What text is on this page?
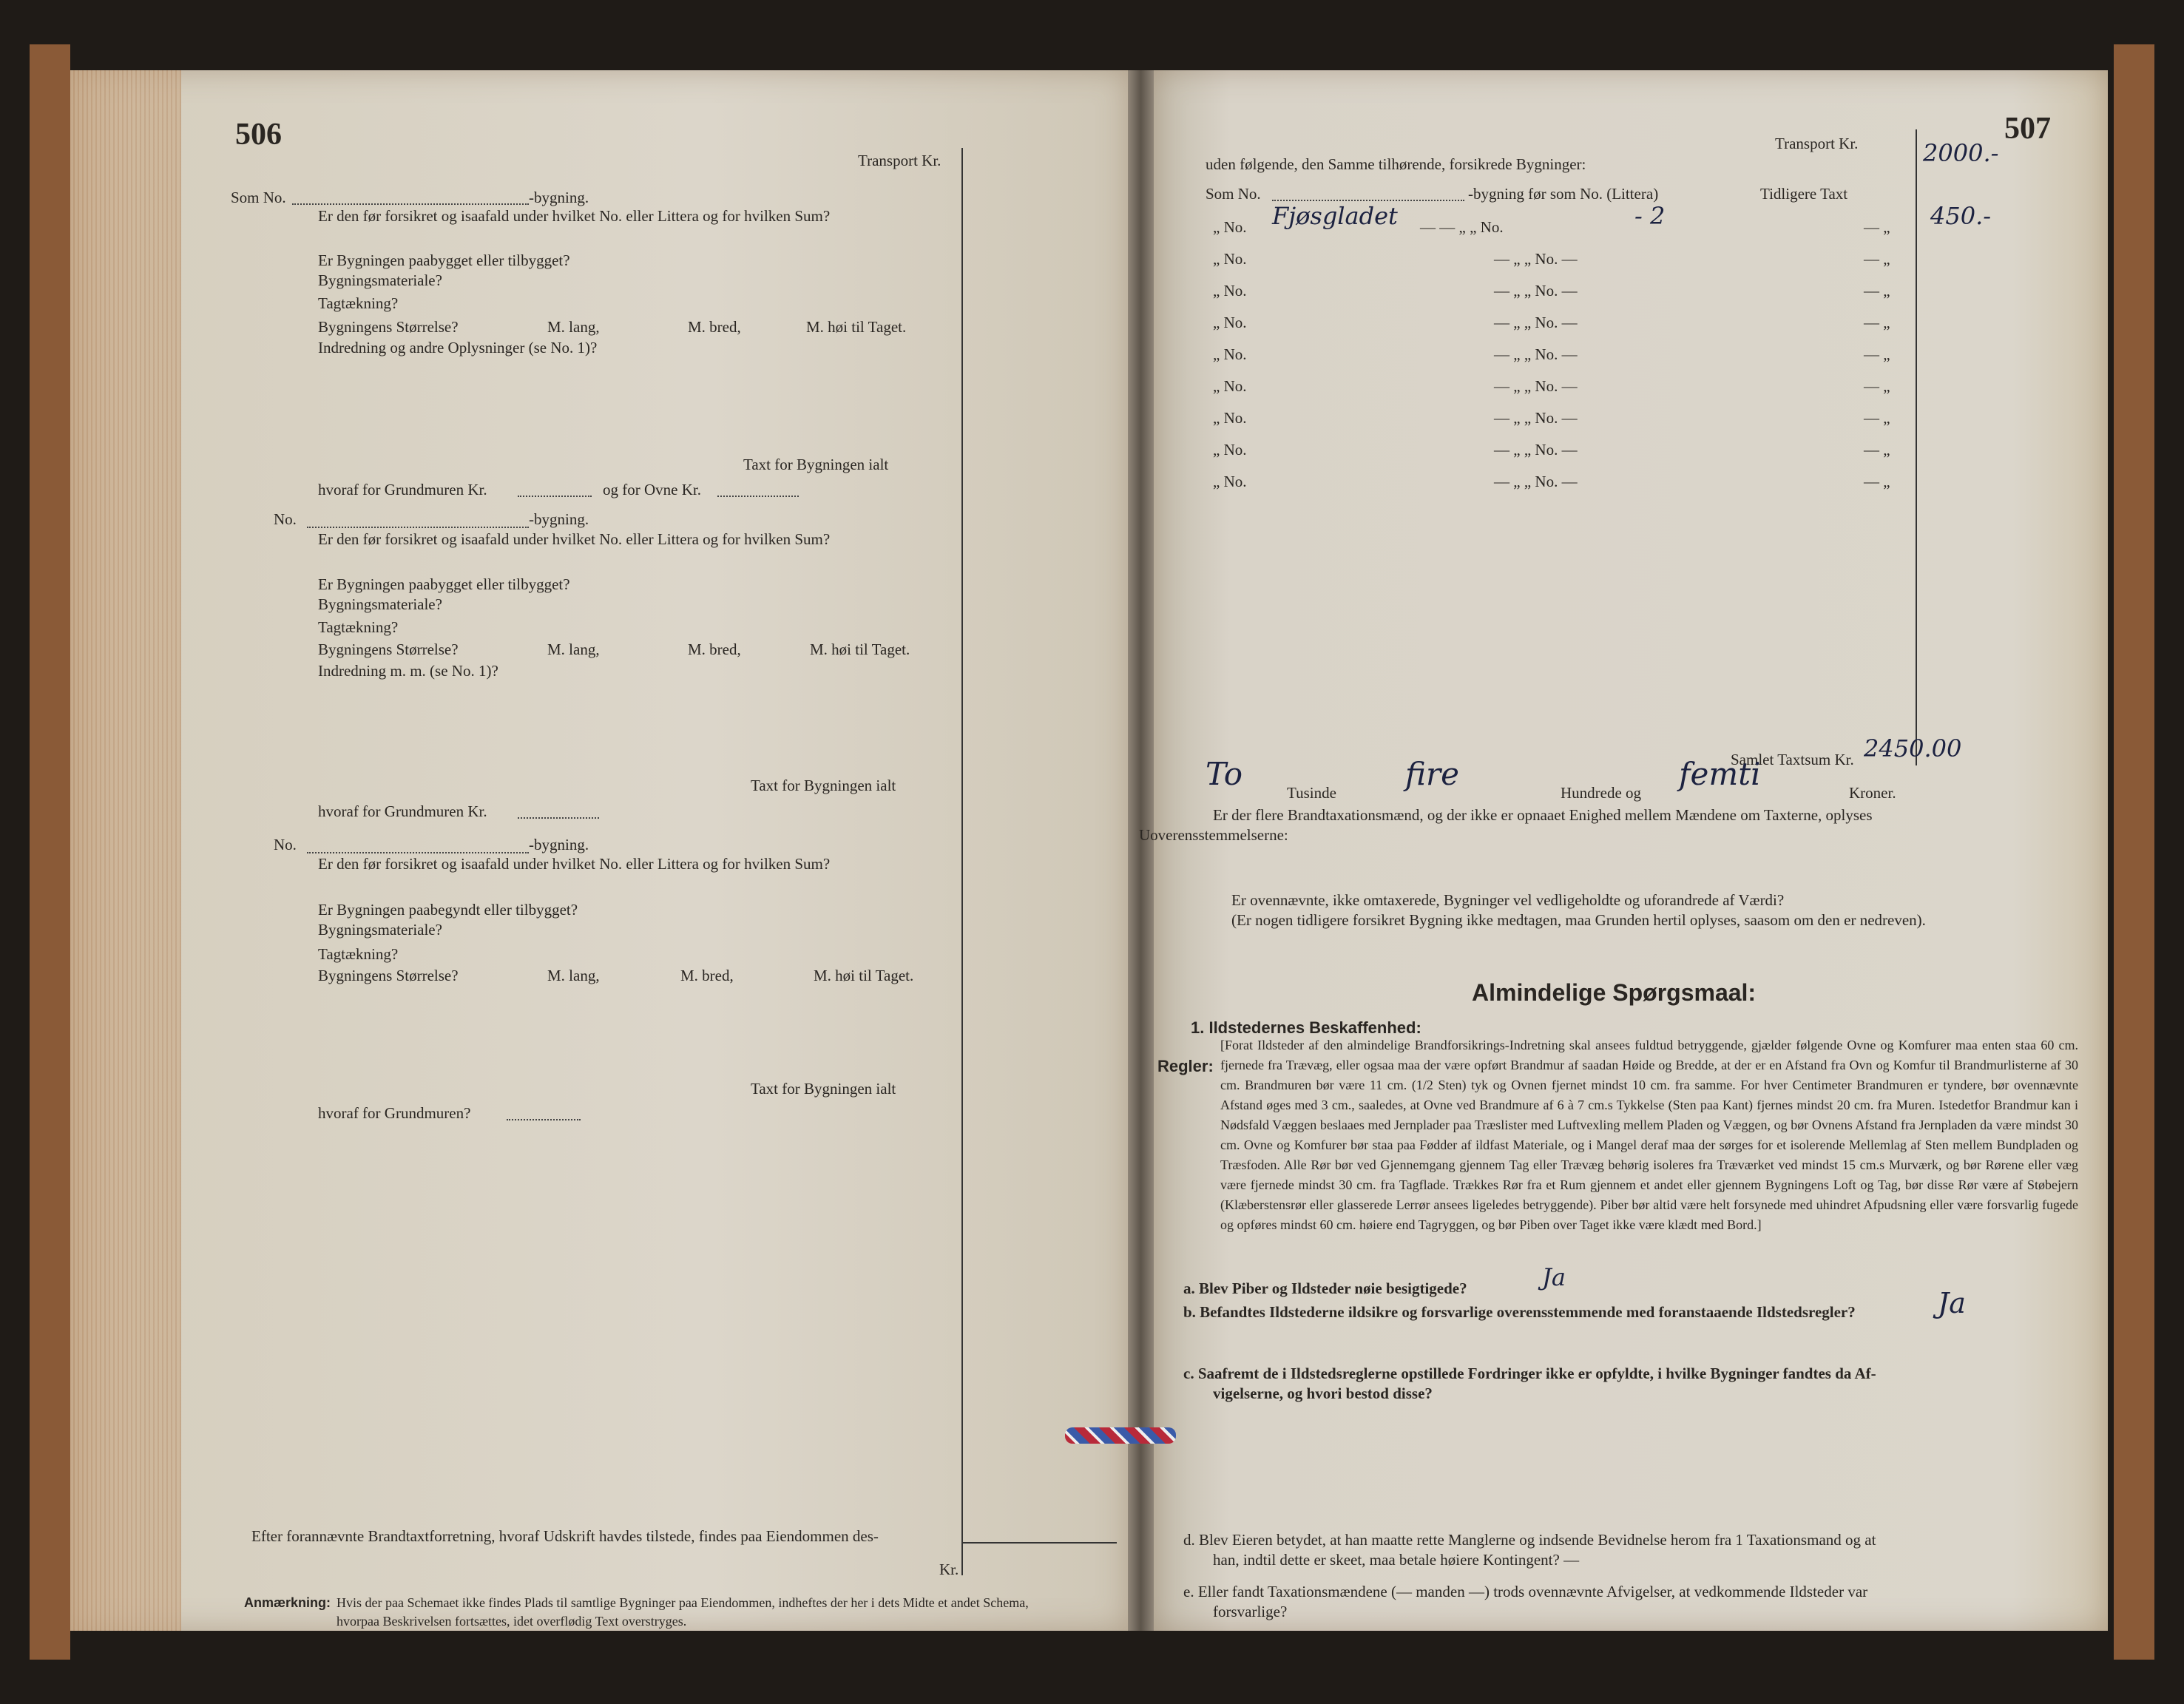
506
Transport Kr.
Som No.	-bygning.
Er den før forsikret og isaafald under hvilket No. eller Littera og for hvilken Sum?
Er Bygningen paabygget eller tilbygget?
Bygningsmateriale?
Tagtækning?
Bygningens Størrelse?	M. lang,	M. bred,	M. høi til Taget.
Indredning og andre Oplysninger (se No. 1)?
Taxt for Bygningen ialt
hvoraf for Grundmuren Kr.	og for Ovne Kr.
No.	-bygning.
Er den før forsikret og isaafald under hvilket No. eller Littera og for hvilken Sum?
Er Bygningen paabygget eller tilbygget?
Bygningsmateriale?
Tagtækning?
Bygningens Størrelse?	M. lang,	M. bred,	M. høi til Taget.
Indredning m. m. (se No. 1)?
Taxt for Bygningen ialt
hvoraf for Grundmuren Kr.
No.	-bygning.
Er den før forsikret og isaafald under hvilket No. eller Littera og for hvilken Sum?
Er Bygningen paabegyndt eller tilbygget?
Bygningsmateriale?
Tagtækning?
Bygningens Størrelse?	M. lang,	M. bred,	M. høi til Taget.
Taxt for Bygningen ialt
hvoraf for Grundmuren?
Efter forannævnte Brandtaxtforretning, hvoraf Udskrift havdes tilstede, findes paa Eiendommen des-
Kr.
Anmærkning: Hvis der paa Schemaet ikke findes Plads til samtlige Bygninger paa Eiendommen, indheftes der her i dets Midte et andet Schema,
hvorpaa Beskrivelsen fortsættes, idet overflødig Text overstryges.
507
Transport Kr.	2000.-
uden følgende, den Samme tilhørende, forsikrede Bygninger:
Som No.	-bygning før som No. (Littera)	Tidligere Taxt
„ No. Fjøsgladet — — „ „ No.	- 2	— „ 450.-
„ No.	— „ „ No. —	— „
„ No.	— „ „ No. —	— „
„ No.	— „ „ No. —	— „
„ No.	— „ „ No. —	— „
„ No.	— „ „ No. —	— „
„ No.	— „ „ No. —	— „
„ No.	— „ „ No. —	— „
„ No.	— „ „ No. —	— „
Samlet Taxtsum Kr. 2450.00
To
Tusinde
fire
Hundrede og
femti
Kroner.
Er der flere Brandtaxationsmænd, og der ikke er opnaaet Enighed mellem Mændene om Taxterne, oplyses
Uoverensstemmelserne:
Er ovennævnte, ikke omtaxerede, Bygninger vel vedligeholdte og uforandrede af Værdi?
(Er nogen tidligere forsikret Bygning ikke medtagen, maa Grunden hertil oplyses, saasom om den er nedreven).
Almindelige Spørgsmaal:
1. Ildstedernes Beskaffenhed:
Regler:
[Forat Ildsteder af den almindelige Brandforsikrings-Indretning skal ansees fuldtud betryggende, gjælder følgende Ovne og Komfurer maa enten staa 60 cm. fjernede fra Trævæg, eller ogsaa maa der være opført Brandmur af saadan Høide og Bredde, at der er en Afstand fra Ovn og Komfur til Brandmurlisterne af 30 cm. Brandmuren bør være 11 cm. (1/2 Sten) tyk og Ovnen fjernet mindst 10 cm. fra samme. For hver Centimeter Brandmuren er tyndere, bør ovennævnte Afstand øges med 3 cm., saaledes, at Ovne ved Brandmure af 6 à 7 cm.s Tykkelse (Sten paa Kant) fjernes mindst 20 cm. fra Muren. Istedetfor Brandmur kan i Nødsfald Væggen beslaaes med Jernplader paa Træslister med Luftvexling mellem Pladen og Væggen, og bør Ovnens Afstand fra Jernpladen da være mindst 30 cm. Ovne og Komfurer bør staa paa Fødder af ildfast Materiale, og i Mangel deraf maa der sørges for et isolerende Mellemlag af Sten mellem Bundpladen og Træsfoden. Alle Rør bør ved Gjennemgang gjennem Tag eller Trævæg behørig isoleres fra Træværket ved mindst 15 cm.s Murværk, og bør Rørene eller væg være fjernede mindst 30 cm. fra Tagflade. Trækkes Rør fra et Rum gjennem et andet eller gjennem Bygningens Loft og Tag, bør disse Rør være af Støbejern (Klæberstensrør eller glasserede Lerrør ansees ligeledes betryggende). Piber bør altid være helt forsynede med uhindret Afpudsning eller være forsvarlig fugede og opføres mindst 60 cm. høiere end Tagryggen, og bør Piben over Taget ikke være klædt med Bord.]
a. Blev Piber og Ildsteder nøie besigtigede?	Ja
b. Befandtes Ildstederne ildsikre og forsvarlige overensstemmende med foranstaaende Ildstedsregler?	Ja
c. Saafremt de i Ildstedsreglerne opstillede Fordringer ikke er opfyldte, i hvilke Bygninger fandtes da Af-
vigelserne, og hvori bestod disse?
d. Blev Eieren betydet, at han maatte rette Manglerne og indsende Bevidnelse herom fra 1 Taxationsmand og at
han, indtil dette er skeet, maa betale høiere Kontingent? —
e. Eller fandt Taxationsmændene (— manden —) trods ovennævnte Afvigelser, at vedkommende Ildsteder var
forsvarlige?
